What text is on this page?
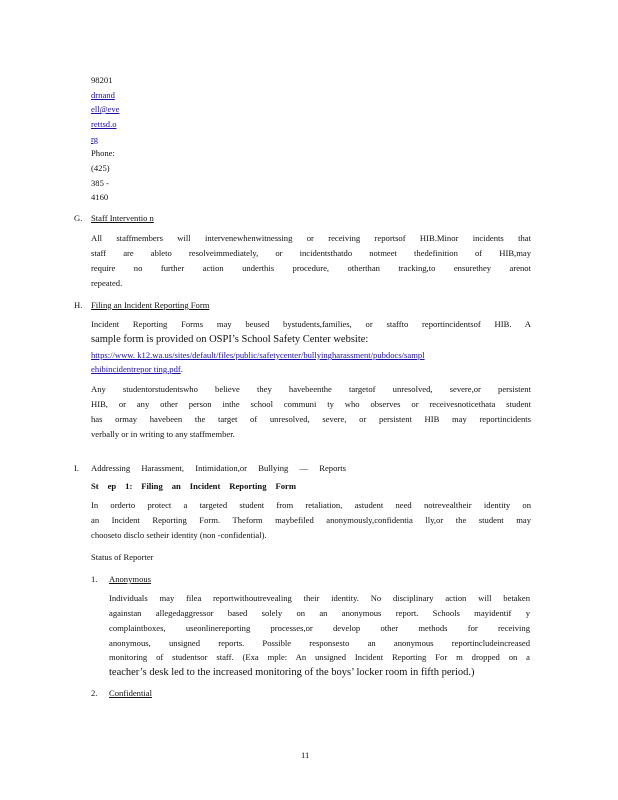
98201
drnand
ell@eve
rettsd.o
rg
Phone:
(425)
385 -
4160
G. Staff Interventio n
All staffmembers will intervenewhenwitnessing or receiving reportsof HIB.Minor incidents that
staff are ableto resolveimmediately, or incidentsthatdo notmeet thedefinition of HIB,may
require no further action underthis procedure, otherthan tracking,to ensurethey arenot
repeated.
H. Filing an Incident Reporting Form
Incident Reporting Forms may beused bystudents,families, or staffto reportincidentsof HIB. A
sample form is provided on OSPI’s School Safety Center website:
https://www. k12.wa.us/sites/default/files/public/safetycenter/bullyingharassment/pubdocs/sampl
ehibincidentrepor ting.pdf.
Any studentorstudentswho believe they havebeenthe targetof unresolved, severe,or persistent
HIB, or any other person inthe school communi ty who observes or receivesnoticethata student
has ormay havebeen the target of unresolved, severe, or persistent HIB may reportincidents
verbally or in writing to any staffmember.
I. Addressing Harassment, Intimidation,or Bullying — Reports
St ep 1: Filing an Incident Reporting Form
In orderto protect a targeted student from retaliation, astudent need notrevealtheir identity on
an Incident Reporting Form. Theform maybefiled anonymously,confidentia lly,or the student may
chooseto disclo setheir identity (non -confidential).
Status of Reporter
1. Anonymous
Individuals may filea reportwithoutrevealing their identity. No disciplinary action will betaken
againstan allegedaggressor based solely on an anonymous report. Schools mayidentif y
complaintboxes, useonlinereporting processes,or develop other methods for receiving
anonymous, unsigned reports. Possible responsesto an anonymous reportincludeincreased
monitoring of studentsor staff. (Exa mple: An unsigned Incident Reporting For m dropped on a
teacher’s desk led to the increased monitoring of the boys’ locker room in fifth period.)
2. Confidential
11
